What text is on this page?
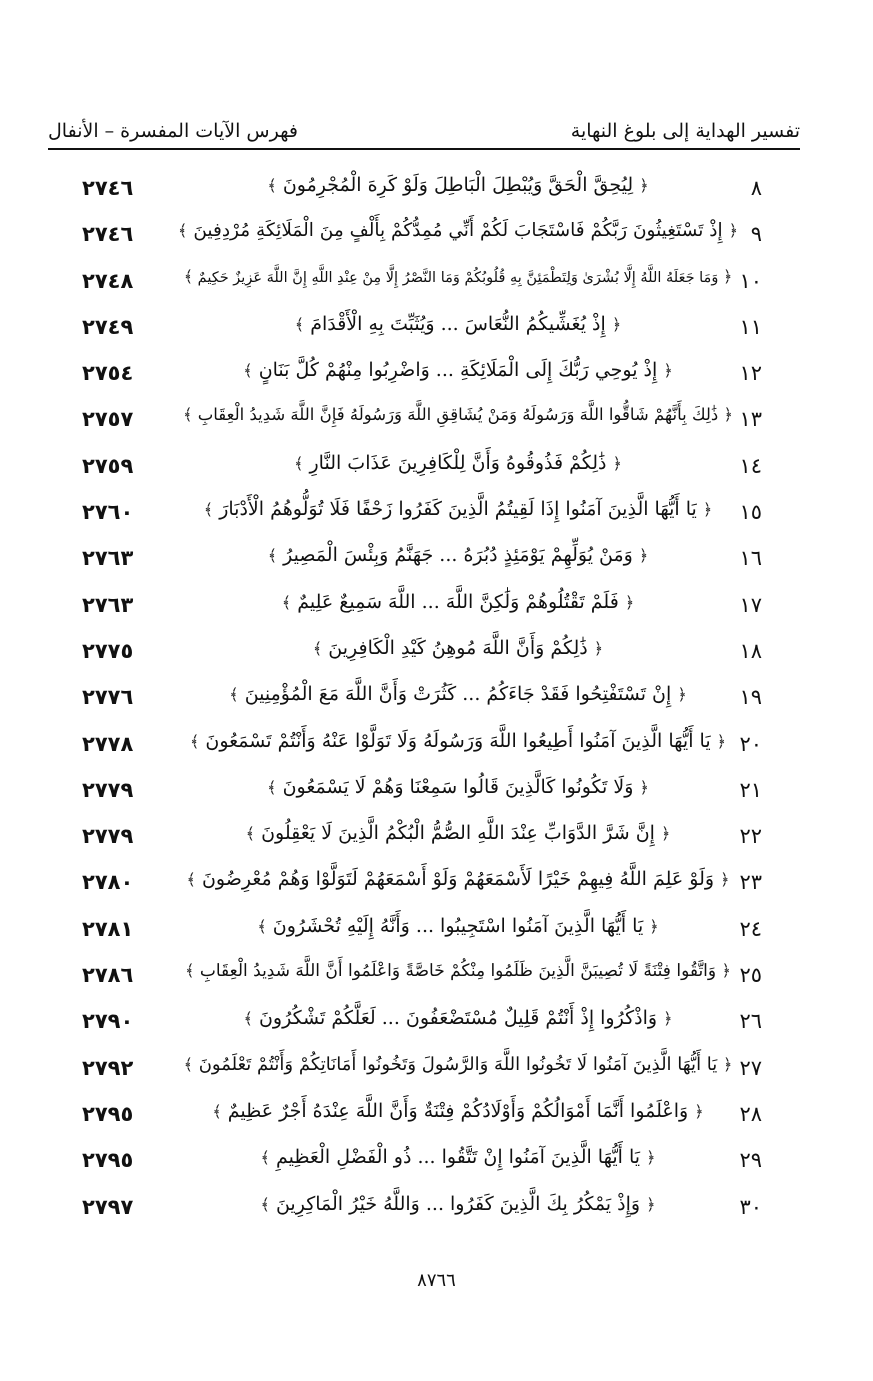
فهرس الآيات المفسرة – الأنفال	تفسير الهداية إلى بلوغ النهاية
٢٧٤٦	﴿ لِيُحِقَّ الْحَقَّ وَيُبْطِلَ الْبَاطِلَ وَلَوْ كَرِهَ الْمُجْرِمُونَ ﴾	٨
٢٧٤٦	﴿ إِذْ تَسْتَغِيثُونَ رَبَّكُمْ فَاسْتَجَابَ لَكُمْ أَنِّي مُمِدُّكُمْ بِأَلْفٍ مِنَ الْمَلَائِكَةِ مُرْدِفِينَ ﴾	٩
٢٧٤٨	﴿ وَمَا جَعَلَهُ اللَّهُ إِلَّا بُشْرَىٰ وَلِتَطْمَئِنَّ بِهِ قُلُوبُكُمْ وَمَا النَّصْرُ إِلَّا مِنْ عِنْدِ اللَّهِ إِنَّ اللَّهَ عَزِيزٌ حَكِيمٌ ﴾	١٠
٢٧٤٩	﴿ إِذْ يُغَشِّيكُمُ النُّعَاسَ ... وَيُثَبِّتَ بِهِ الْأَقْدَامَ ﴾	١١
٢٧٥٤	﴿ إِذْ يُوحِي رَبُّكَ إِلَى الْمَلَائِكَةِ ... وَاضْرِبُوا مِنْهُمْ كُلَّ بَنَانٍ ﴾	١٢
٢٧٥٧	﴿ ذَٰلِكَ بِأَنَّهُمْ شَاقُّوا اللَّهَ وَرَسُولَهُ وَمَنْ يُشَاقِقِ اللَّهَ وَرَسُولَهُ فَإِنَّ اللَّهَ شَدِيدُ الْعِقَابِ ﴾	١٣
٢٧٥٩	﴿ ذَٰلِكُمْ فَذُوقُوهُ وَأَنَّ لِلْكَافِرِينَ عَذَابَ النَّارِ ﴾	١٤
٢٧٦٠	﴿ يَا أَيُّهَا الَّذِينَ آمَنُوا إِذَا لَقِيتُمُ الَّذِينَ كَفَرُوا زَحْفًا فَلَا تُوَلُّوهُمُ الْأَدْبَارَ ﴾	١٥
٢٧٦٣	﴿ وَمَنْ يُوَلِّهِمْ يَوْمَئِذٍ دُبُرَهُ ... جَهَنَّمُ وَبِئْسَ الْمَصِيرُ ﴾	١٦
٢٧٦٣	﴿ فَلَمْ تَقْتُلُوهُمْ وَلَٰكِنَّ اللَّهَ ... اللَّهَ سَمِيعٌ عَلِيمٌ ﴾	١٧
٢٧٧٥	﴿ ذَٰلِكُمْ وَأَنَّ اللَّهَ مُوهِنُ كَيْدِ الْكَافِرِينَ ﴾	١٨
٢٧٧٦	﴿ إِنْ تَسْتَفْتِحُوا فَقَدْ جَاءَكُمُ ... كَثُرَتْ وَأَنَّ اللَّهَ مَعَ الْمُؤْمِنِينَ ﴾	١٩
٢٧٧٨	﴿ يَا أَيُّهَا الَّذِينَ آمَنُوا أَطِيعُوا اللَّهَ وَرَسُولَهُ وَلَا تَوَلَّوْا عَنْهُ وَأَنْتُمْ تَسْمَعُونَ ﴾	٢٠
٢٧٧٩	﴿ وَلَا تَكُونُوا كَالَّذِينَ قَالُوا سَمِعْنَا وَهُمْ لَا يَسْمَعُونَ ﴾	٢١
٢٧٧٩	﴿ إِنَّ شَرَّ الدَّوَابِّ عِنْدَ اللَّهِ الصُّمُّ الْبُكْمُ الَّذِينَ لَا يَعْقِلُونَ ﴾	٢٢
٢٧٨٠	﴿ وَلَوْ عَلِمَ اللَّهُ فِيهِمْ خَيْرًا لَأَسْمَعَهُمْ وَلَوْ أَسْمَعَهُمْ لَتَوَلَّوْا وَهُمْ مُعْرِضُونَ ﴾	٢٣
٢٧٨١	﴿ يَا أَيُّهَا الَّذِينَ آمَنُوا اسْتَجِيبُوا ... وَأَنَّهُ إِلَيْهِ تُحْشَرُونَ ﴾	٢٤
٢٧٨٦	﴿ وَاتَّقُوا فِتْنَةً لَا تُصِيبَنَّ الَّذِينَ ظَلَمُوا مِنْكُمْ خَاصَّةً وَاعْلَمُوا أَنَّ اللَّهَ شَدِيدُ الْعِقَابِ ﴾	٢٥
٢٧٩٠	﴿ وَاذْكُرُوا إِذْ أَنْتُمْ قَلِيلٌ مُسْتَضْعَفُونَ ... لَعَلَّكُمْ تَشْكُرُونَ ﴾	٢٦
٢٧٩٢	﴿ يَا أَيُّهَا الَّذِينَ آمَنُوا لَا تَخُونُوا اللَّهَ وَالرَّسُولَ وَتَخُونُوا أَمَانَاتِكُمْ وَأَنْتُمْ تَعْلَمُونَ ﴾	٢٧
٢٧٩٥	﴿ وَاعْلَمُوا أَنَّمَا أَمْوَالُكُمْ وَأَوْلَادُكُمْ فِتْنَةٌ وَأَنَّ اللَّهَ عِنْدَهُ أَجْرٌ عَظِيمٌ ﴾	٢٨
٢٧٩٥	﴿ يَا أَيُّهَا الَّذِينَ آمَنُوا إِنْ تَتَّقُوا ... ذُو الْفَضْلِ الْعَظِيمِ ﴾	٢٩
٢٧٩٧	﴿ وَإِذْ يَمْكُرُ بِكَ الَّذِينَ كَفَرُوا ... وَاللَّهُ خَيْرُ الْمَاكِرِينَ ﴾	٣٠
٨٧٦٦
